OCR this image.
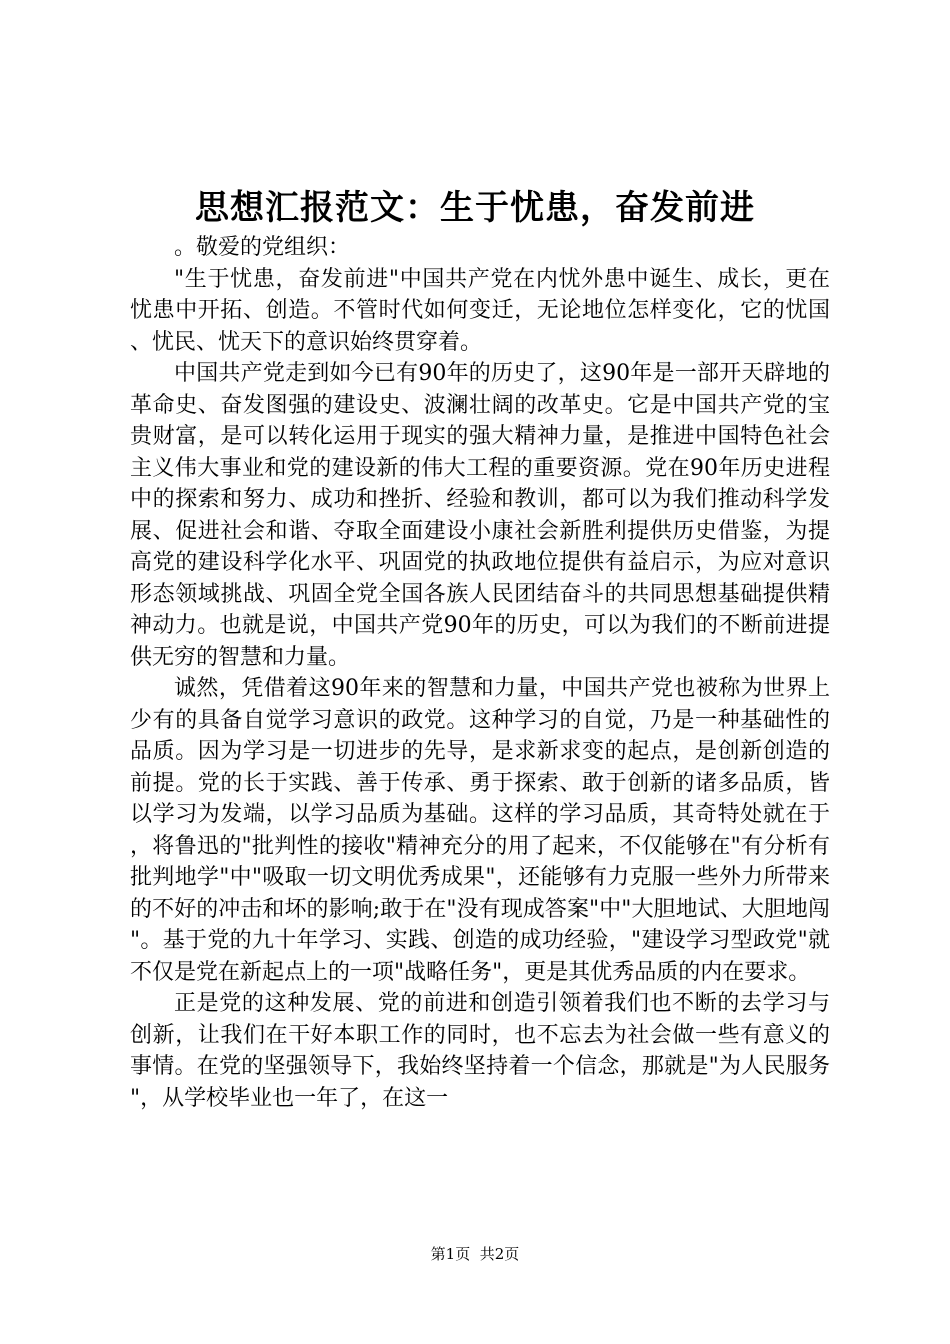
思想汇报范文：生于忧患，奋发前进

。敬爱的党组织：

"生于忧患，奋发前进"中国共产党在内忧外患中诞生、成长，更在忧患中开拓、创造。不管时代如何变迁，无论地位怎样变化，它的忧国、忧民、忧天下的意识始终贯穿着。

中国共产党走到如今已有90年的历史了，这90年是一部开天辟地的革命史、奋发图强的建设史、波澜壮阔的改革史。它是中国共产党的宝贵财富，是可以转化运用于现实的强大精神力量，是推进中国特色社会主义伟大事业和党的建设新的伟大工程的重要资源。党在90年历史进程中的探索和努力、成功和挫折、经验和教训，都可以为我们推动科学发展、促进社会和谐、夺取全面建设小康社会新胜利提供历史借鉴，为提高党的建设科学化水平、巩固党的执政地位提供有益启示，为应对意识形态领域挑战、巩固全党全国各族人民团结奋斗的共同思想基础提供精神动力。也就是说，中国共产党90年的历史，可以为我们的不断前进提供无穷的智慧和力量。

诚然，凭借着这90年来的智慧和力量，中国共产党也被称为世界上少有的具备自觉学习意识的政党。这种学习的自觉，乃是一种基础性的品质。因为学习是一切进步的先导，是求新求变的起点，是创新创造的前提。党的长于实践、善于传承、勇于探索、敢于创新的诸多品质，皆以学习为发端，以学习品质为基础。这样的学习品质，其奇特处就在于，将鲁迅的"批判性的接收"精神充分的用了起来，不仅能够在"有分析有批判地学"中"吸取一切文明优秀成果"，还能够有力克服一些外力所带来的不好的冲击和坏的影响;敢于在"没有现成答案"中"大胆地试、大胆地闯"。基于党的九十年学习、实践、创造的成功经验，"建设学习型政党"就不仅是党在新起点上的一项"战略任务"，更是其优秀品质的内在要求。

正是党的这种发展、党的前进和创造引领着我们也不断的去学习与创新，让我们在干好本职工作的同时，也不忘去为社会做一些有意义的事情。在党的坚强领导下，我始终坚持着一个信念，那就是"为人民服务"，从学校毕业也一年了，在这一

第1页 共2页
